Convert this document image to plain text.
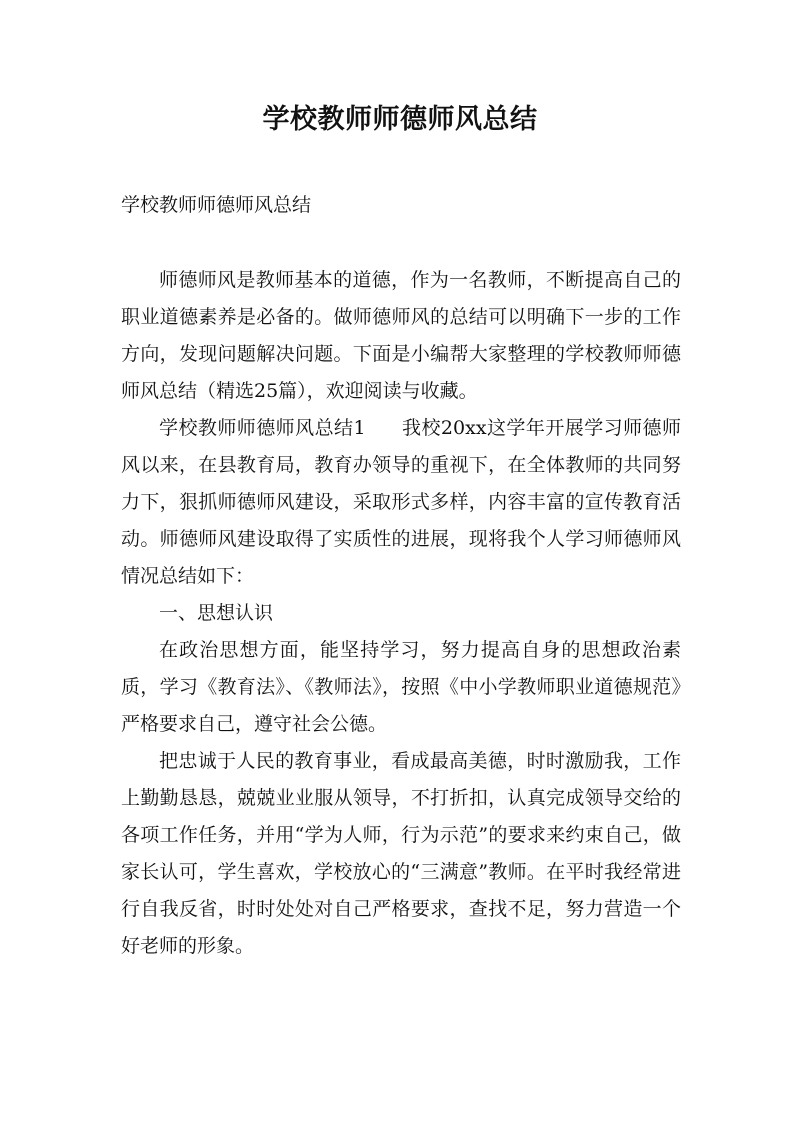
学校教师师德师风总结
学校教师师德师风总结

师德师风是教师基本的道德，作为一名教师，不断提高自己的职业道德素养是必备的。做师德师风的总结可以明确下一步的工作方向，发现问题解决问题。下面是小编帮大家整理的学校教师师德师风总结（精选25篇），欢迎阅读与收藏。

学校教师师德师风总结1 我校20xx这学年开展学习师德师风以来，在县教育局，教育办领导的重视下，在全体教师的共同努力下，狠抓师德师风建设，采取形式多样，内容丰富的宣传教育活动。师德师风建设取得了实质性的进展，现将我个人学习师德师风情况总结如下：

一、思想认识

在政治思想方面，能坚持学习，努力提高自身的思想政治素质，学习《教育法》、《教师法》，按照《中小学教师职业道德规范》严格要求自己，遵守社会公德。

把忠诚于人民的教育事业，看成最高美德，时时激励我，工作上勤勤恳恳，兢兢业业服从领导，不打折扣，认真完成领导交给的各项工作任务，并用“学为人师，行为示范”的要求来约束自己，做家长认可，学生喜欢，学校放心的“三满意”教师。在平时我经常进行自我反省，时时处处对自己严格要求，查找不足，努力营造一个好老师的形象。
